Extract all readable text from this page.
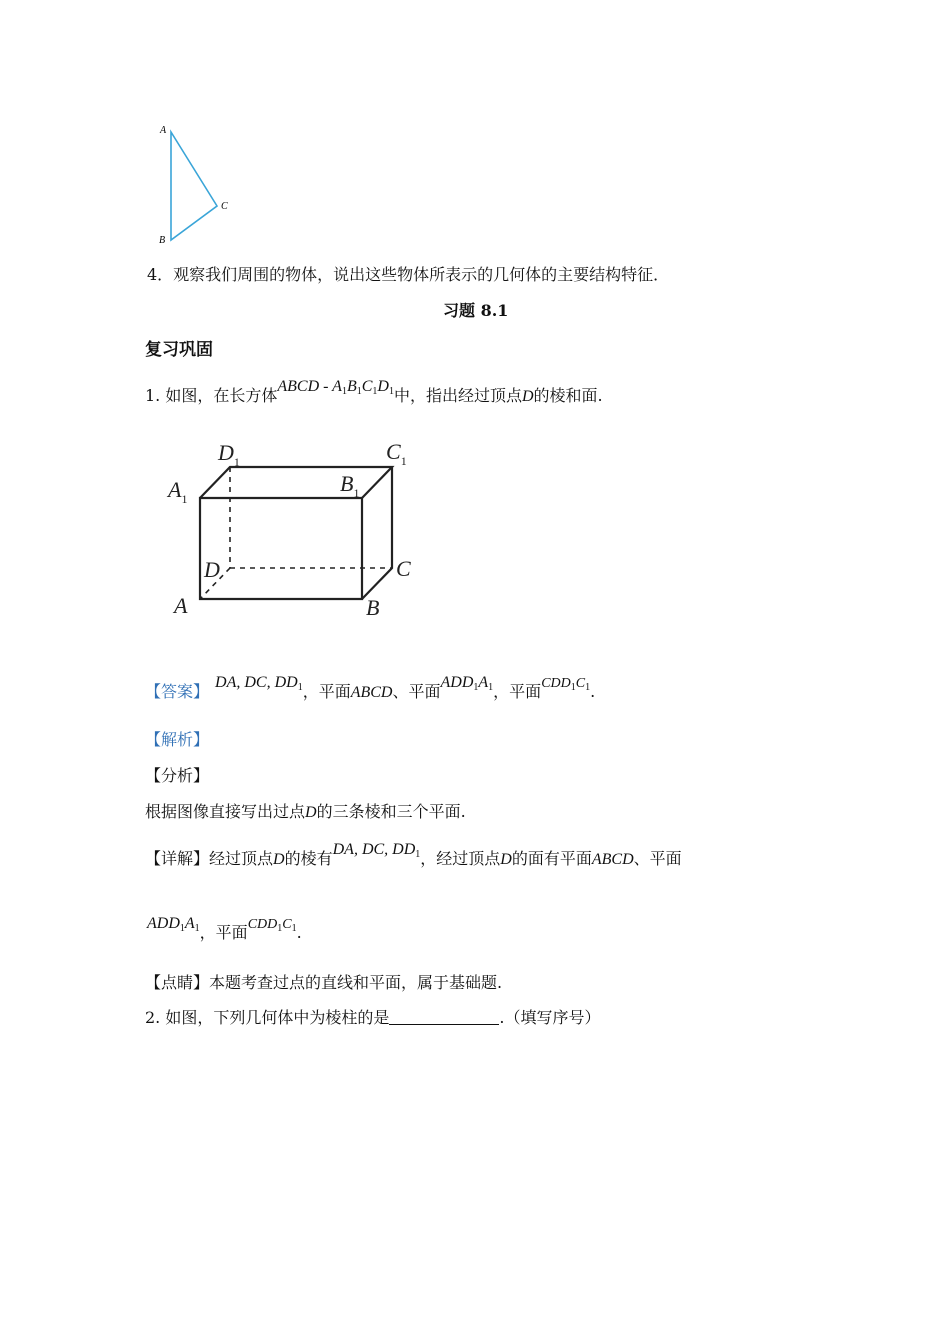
A
B
C
4．观察我们周围的物体，说出这些物体所表示的几何体的主要结构特征．
习题 8.1
复习巩固
1. 如图，在长方体ABCD - $A_1B_1C_1D_1$中，指出经过顶点D的棱和面.
$D_1$	$C_1$
$A_1$
$B_1$
D	C
A	B
【答案】 DA, DC, $DD_1$，平面ABCD、平面$ADD_1A_1$，平面$CDD_1C_1$.
【解析】
【分析】
根据图像直接写出过点D的三条棱和三个平面.
【详解】经过顶点D的棱有DA, DC, $DD_1$，经过顶点D的面有平面ABCD、平面
$ADD_1A_1$，平面$CDD_1C_1$.
【点睛】本题考查过点的直线和平面，属于基础题.
2. 如图，下列几何体中为棱柱的是	.（填写序号）
